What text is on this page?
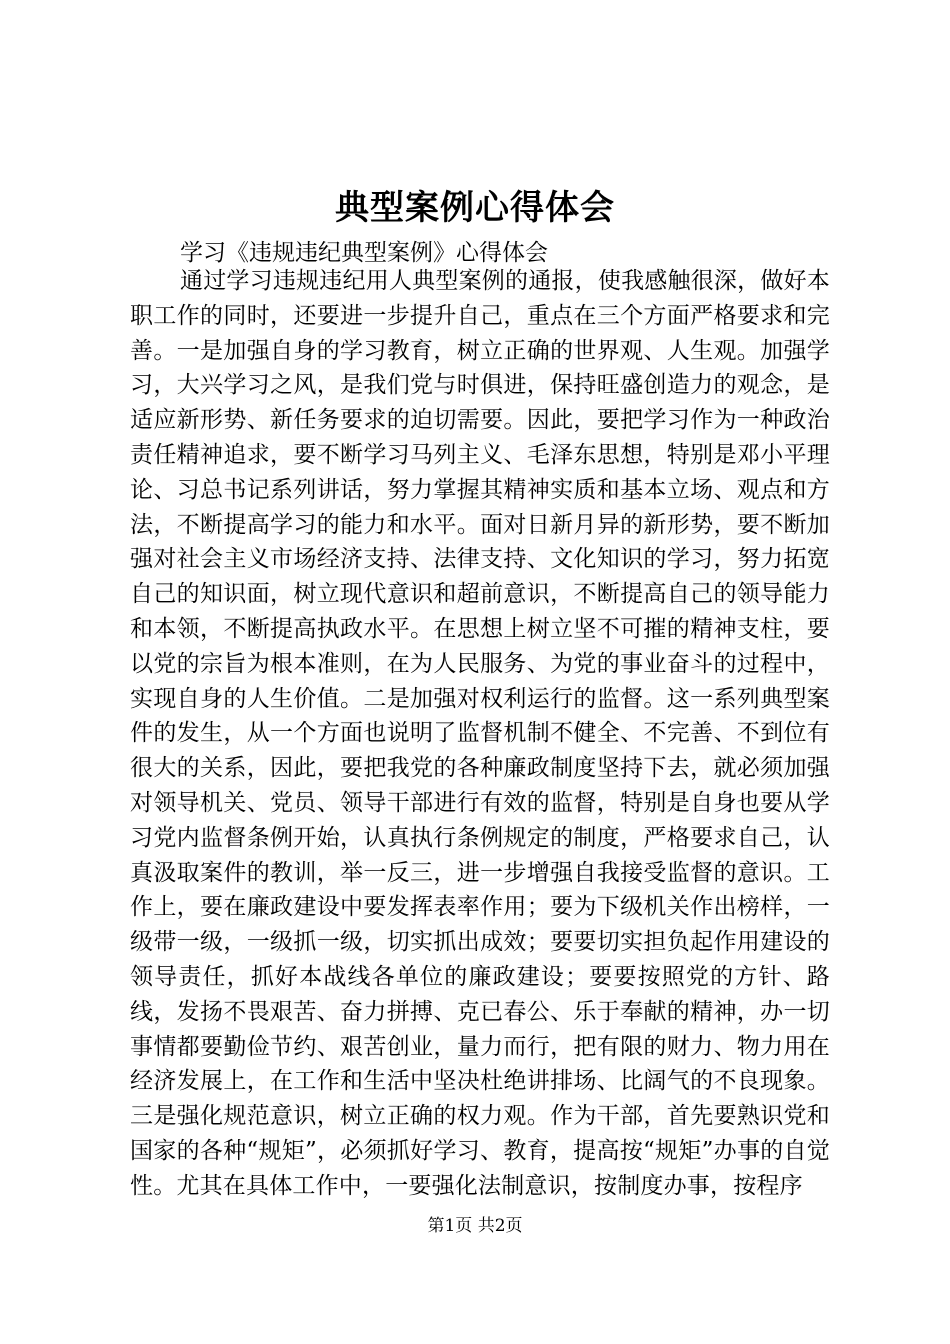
典型案例心得体会
学习《违规违纪典型案例》心得体会

通过学习违规违纪用人典型案例的通报，使我感触很深，做好本职工作的同时，还要进一步提升自己，重点在三个方面严格要求和完善。一是加强自身的学习教育，树立正确的世界观、人生观。加强学习，大兴学习之风，是我们党与时俱进，保持旺盛创造力的观念，是适应新形势、新任务要求的迫切需要。因此，要把学习作为一种政治责任精神追求，要不断学习马列主义、毛泽东思想，特别是邓小平理论、习总书记系列讲话，努力掌握其精神实质和基本立场、观点和方法，不断提高学习的能力和水平。面对日新月异的新形势，要不断加强对社会主义市场经济支持、法律支持、文化知识的学习，努力拓宽自己的知识面，树立现代意识和超前意识，不断提高自己的领导能力和本领，不断提高执政水平。在思想上树立坚不可摧的精神支柱，要以党的宗旨为根本准则，在为人民服务、为党的事业奋斗的过程中，实现自身的人生价值。二是加强对权利运行的监督。这一系列典型案件的发生，从一个方面也说明了监督机制不健全、不完善、不到位有很大的关系，因此，要把我党的各种廉政制度坚持下去，就必须加强对领导机关、党员、领导干部进行有效的监督，特别是自身也要从学习党内监督条例开始，认真执行条例规定的制度，严格要求自己，认真汲取案件的教训，举一反三，进一步增强自我接受监督的意识。工作上，要在廉政建设中要发挥表率作用；要为下级机关作出榜样，一级带一级，一级抓一级，切实抓出成效；要要切实担负起作用建设的领导责任，抓好本战线各单位的廉政建设；要要按照党的方针、路线，发扬不畏艰苦、奋力拼搏、克已春公、乐于奉献的精神，办一切事情都要勤俭节约、艰苦创业，量力而行，把有限的财力、物力用在经济发展上，在工作和生活中坚决杜绝讲排场、比阔气的不良现象。三是强化规范意识，树立正确的权力观。作为干部，首先要熟识党和国家的各种“规矩”，必须抓好学习、教育，提高按“规矩”办事的自觉性。尤其在具体工作中，一要强化法制意识，按制度办事，按程序

第1页 共2页
